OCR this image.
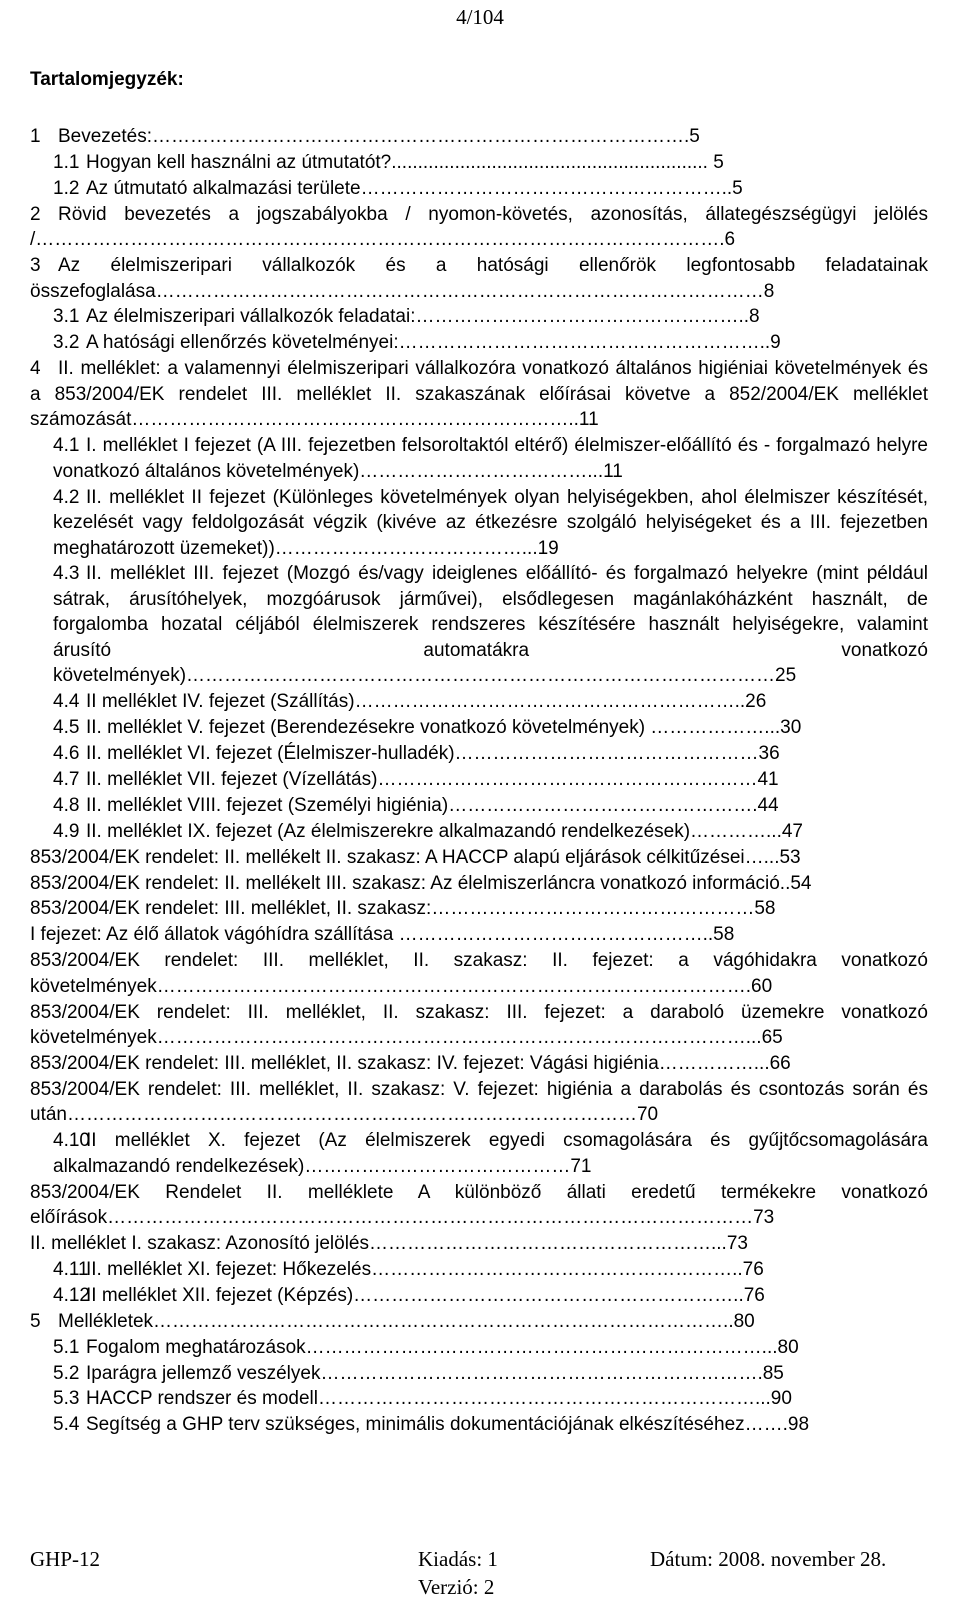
4/104
Tartalomjegyzék:
1 Bevezetés:………………………………………………………………………….5
1.1 Hogyan kell használni az útmutatót?............................................................ 5
1.2 Az útmutató alkalmazási területe…………………………………………………..5
2 Rövid bevezetés a jogszabályokba / nyomon-követés, azonosítás, állategészségügyi jelölés /……………………………………………………………………………………………….6
3 Az élelmiszeripari vállalkozók és a hatósági ellenőrök legfontosabb feladatainak összefoglalása……………………………………………………………………………………8
3.1 Az élelmiszeripari vállalkozók feladatai:……………………………………………..8
3.2 A hatósági ellenőrzés követelményei:…………………………………………………..9
4 II. melléklet: a valamennyi élelmiszeripari vállalkozóra vonatkozó általános higiéniai követelmények és a 853/2004/EK rendelet III. melléklet II. szakaszának előírásai követve a 852/2004/EK melléklet számozását……………………………………………………………..11
4.1 I. melléklet I fejezet (A III. fejezetben felsoroltaktól eltérő) élelmiszer-előállító és - forgalmazó helyre vonatkozó általános követelmények)………………………………...11
4.2 II. melléklet II fejezet (Különleges követelmények olyan helyiségekben, ahol élelmiszer készítését, kezelését vagy feldolgozását végzik (kivéve az étkezésre szolgáló helyiségeket és a III. fejezetben meghatározott üzemeket))…………………………………...19
4.3 II. melléklet III. fejezet (Mozgó és/vagy ideiglenes előállító- és forgalmazó helyekre (mint például sátrak, árusítóhelyek, mozgóárusok járművei), elsődlegesen magánlakóházként használt, de forgalomba hozatal céljából élelmiszerek rendszeres készítésére használt helyiségekre, valamint árusító automatákra vonatkozó követelmények)…………………………………………………………………………………25
4.4 II melléklet IV. fejezet (Szállítás)……………………………………………………..26
4.5 II. melléklet V. fejezet (Berendezésekre vonatkozó követelmények) ………………...30
4.6 II. melléklet VI. fejezet (Élelmiszer-hulladék)…………………………………………36
4.7 II. melléklet VII. fejezet (Vízellátás)……………………………………………………41
4.8 II. melléklet VIII. fejezet (Személyi higiénia)………………………………………….44
4.9 II. melléklet IX. fejezet (Az élelmiszerekre alkalmazandó rendelkezések)…………...47
853/2004/EK rendelet: II. mellékelt II. szakasz: A HACCP alapú eljárások célkitűzései…...53
853/2004/EK rendelet: II. mellékelt III. szakasz: Az élelmiszerláncra vonatkozó információ..54
853/2004/EK rendelet: III. melléklet, II. szakasz:……………………………………………58
I fejezet: Az élő állatok vágóhídra szállítása …………………………………………..58
853/2004/EK rendelet: III. melléklet, II. szakasz: II. fejezet: a vágóhidakra vonatkozó követelmények………………………………………………………………………………….60
853/2004/EK rendelet: III. melléklet, II. szakasz: III. fejezet: a daraboló üzemekre vonatkozó követelmények…………………………………………………………………………………...65
853/2004/EK rendelet: III. melléklet, II. szakasz: IV. fejezet: Vágási higiénia……………...66
853/2004/EK rendelet: III. melléklet, II. szakasz: V. fejezet: higiénia a darabolás és csontozás során és után………………………………………………………………………………70
4.10II melléklet X. fejezet (Az élelmiszerek egyedi csomagolására és gyűjtőcsomagolására alkalmazandó rendelkezések)……………………………………71
853/2004/EK Rendelet II. melléklete A különböző állati eredetű termékekre vonatkozó előírások…………………………………………………………………………………………73
II. melléklet I. szakasz: Azonosító jelölés………………………………………………...73
4.11II. melléklet XI. fejezet: Hőkezelés…………………………………………………..76
4.12II melléklet XII. fejezet (Képzés)……………………………………………………..76
5 Mellékletek………………………………………………………………………………..80
5.1 Fogalom meghatározások………………………………………………………………...80
5.2 Iparágra jellemző veszélyek…………………………………………………………….85
5.3 HACCP rendszer és modell……………………………………………………………...90
5.4 Segítség a GHP terv szükséges, minimális dokumentációjának elkészítéséhez…….98
GHP-12	Kiadás: 1	Dátum: 2008. november 28.
Verzió: 2
